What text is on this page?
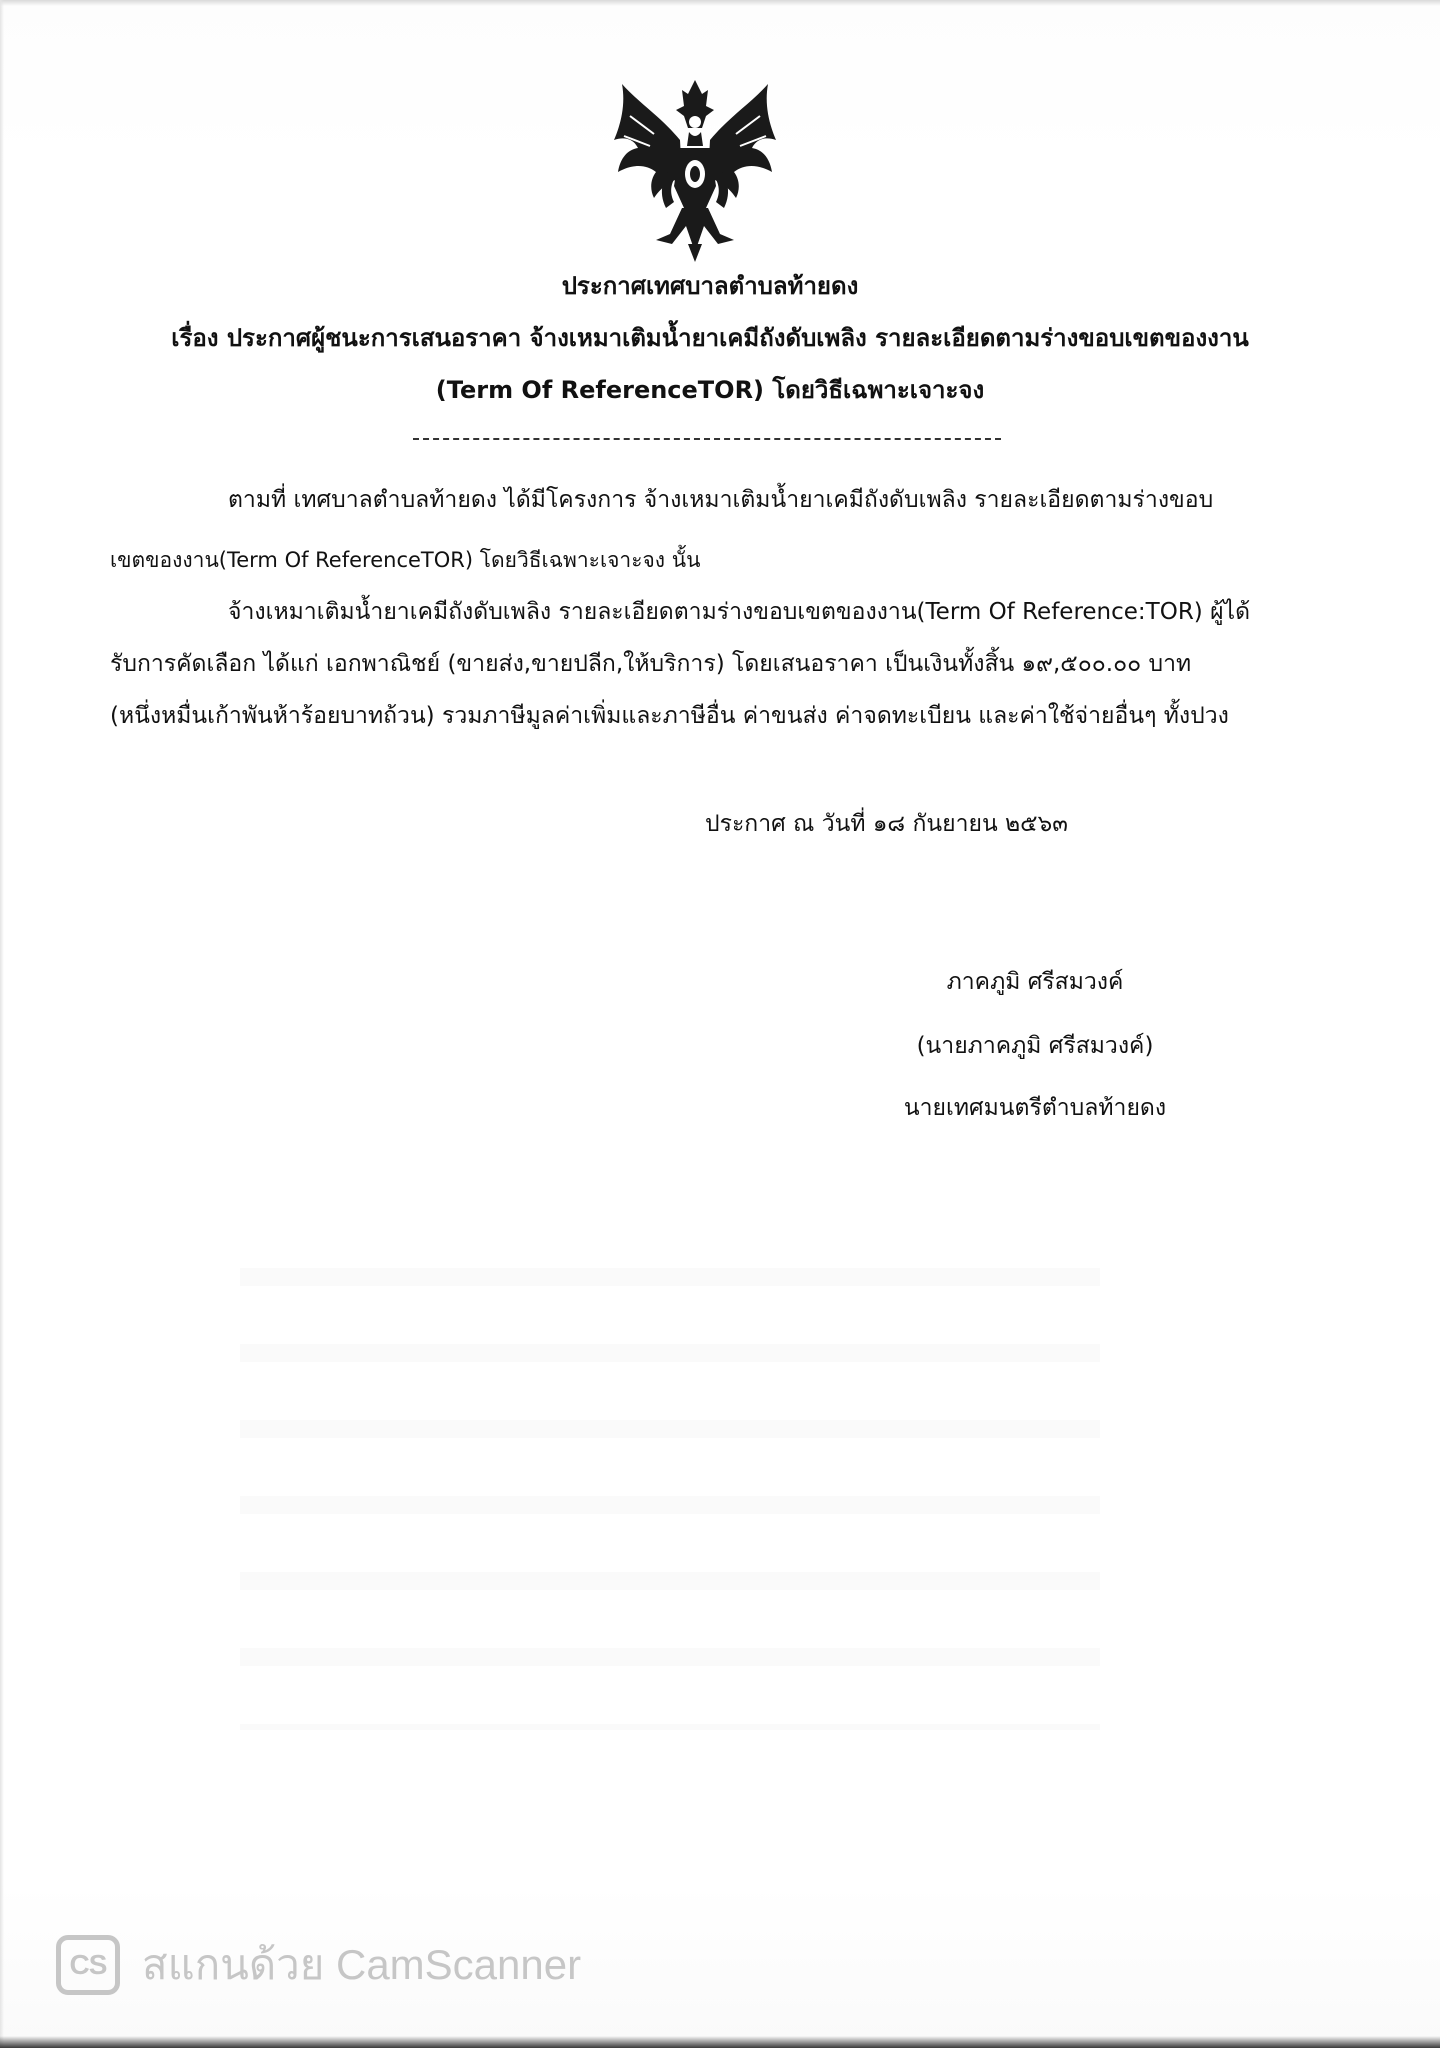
ประกาศเทศบาลตำบลท้ายดง
เรื่อง ประกาศผู้ชนะการเสนอราคา จ้างเหมาเติมน้ำยาเคมีถังดับเพลิง รายละเอียดตามร่างขอบเขตของงาน
(Term Of ReferenceTOR) โดยวิธีเฉพาะเจาะจง
ตามที่ เทศบาลตำบลท้ายดง ได้มีโครงการ จ้างเหมาเติมน้ำยาเคมีถังดับเพลิง รายละเอียดตามร่างขอบ
เขตของงาน(Term Of ReferenceTOR) โดยวิธีเฉพาะเจาะจง นั้น
จ้างเหมาเติมน้ำยาเคมีถังดับเพลิง รายละเอียดตามร่างขอบเขตของงาน(Term Of Reference:TOR) ผู้ได้
รับการคัดเลือก ได้แก่ เอกพาณิชย์ (ขายส่ง,ขายปลีก,ให้บริการ) โดยเสนอราคา เป็นเงินทั้งสิ้น ๑๙,๕๐๐.๐๐ บาท
(หนึ่งหมื่นเก้าพันห้าร้อยบาทถ้วน) รวมภาษีมูลค่าเพิ่มและภาษีอื่น ค่าขนส่ง ค่าจดทะเบียน และค่าใช้จ่ายอื่นๆ ทั้งปวง
ประกาศ ณ วันที่ ๑๘ กันยายน ๒๕๖๓
ภาคภูมิ ศรีสมวงค์
(นายภาคภูมิ ศรีสมวงค์)
นายเทศมนตรีตำบลท้ายดง
CS สแกนด้วย CamScanner
